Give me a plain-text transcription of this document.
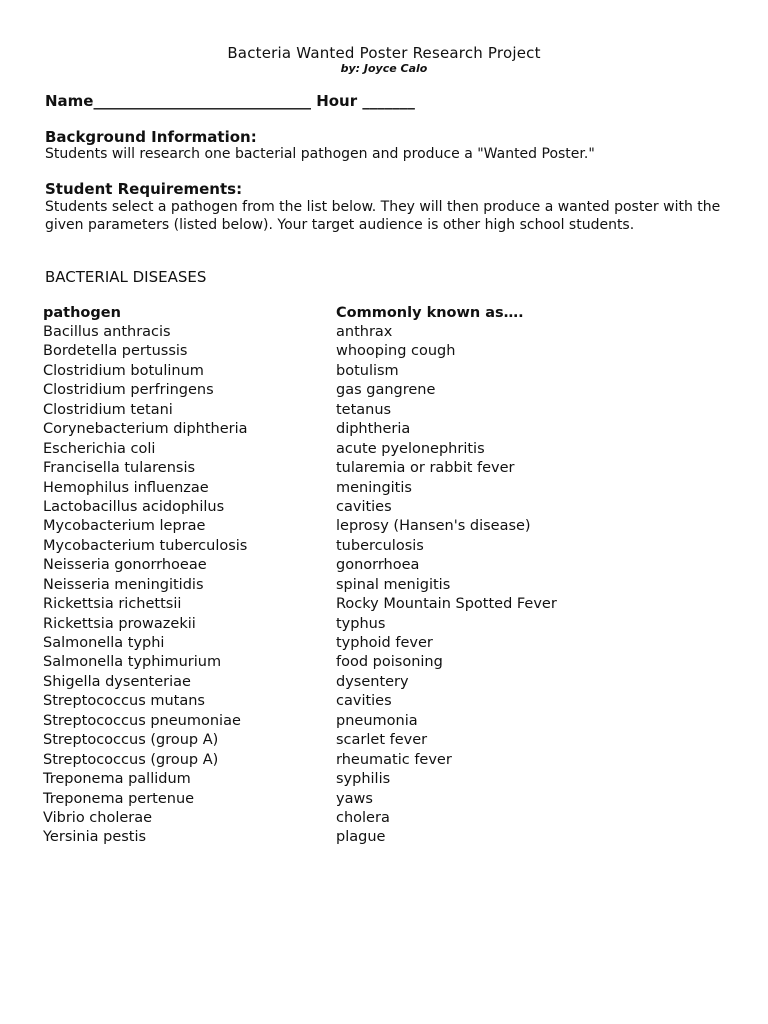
Bacteria Wanted Poster Research Project
by: Joyce Calo
Name_____________________________ Hour _______
Background Information:
Students will research one bacterial pathogen and produce a "Wanted Poster."
Student Requirements:
Students select a pathogen from the list below. They will then produce a wanted poster with the given parameters (listed below). Your target audience is other high school students.
BACTERIAL DISEASES
pathogen	Commonly known as….
Bacillus anthracis	anthrax
Bordetella pertussis	whooping cough
Clostridium botulinum	botulism
Clostridium perfringens	gas gangrene
Clostridium tetani	tetanus
Corynebacterium diphtheria	diphtheria
Escherichia coli	acute pyelonephritis
Francisella tularensis	tularemia or rabbit fever
Hemophilus influenzae	meningitis
Lactobacillus acidophilus	cavities
Mycobacterium leprae	leprosy (Hansen's disease)
Mycobacterium tuberculosis	tuberculosis
Neisseria gonorrhoeae	gonorrhoea
Neisseria meningitidis	spinal menigitis
Rickettsia richettsii	Rocky Mountain Spotted Fever
Rickettsia prowazekii	typhus
Salmonella typhi	typhoid fever
Salmonella typhimurium	food poisoning
Shigella dysenteriae	dysentery
Streptococcus mutans	cavities
Streptococcus pneumoniae	pneumonia
Streptococcus (group A)	scarlet fever
Streptococcus (group A)	rheumatic fever
Treponema pallidum	syphilis
Treponema pertenue	yaws
Vibrio cholerae	cholera
Yersinia pestis	plague
